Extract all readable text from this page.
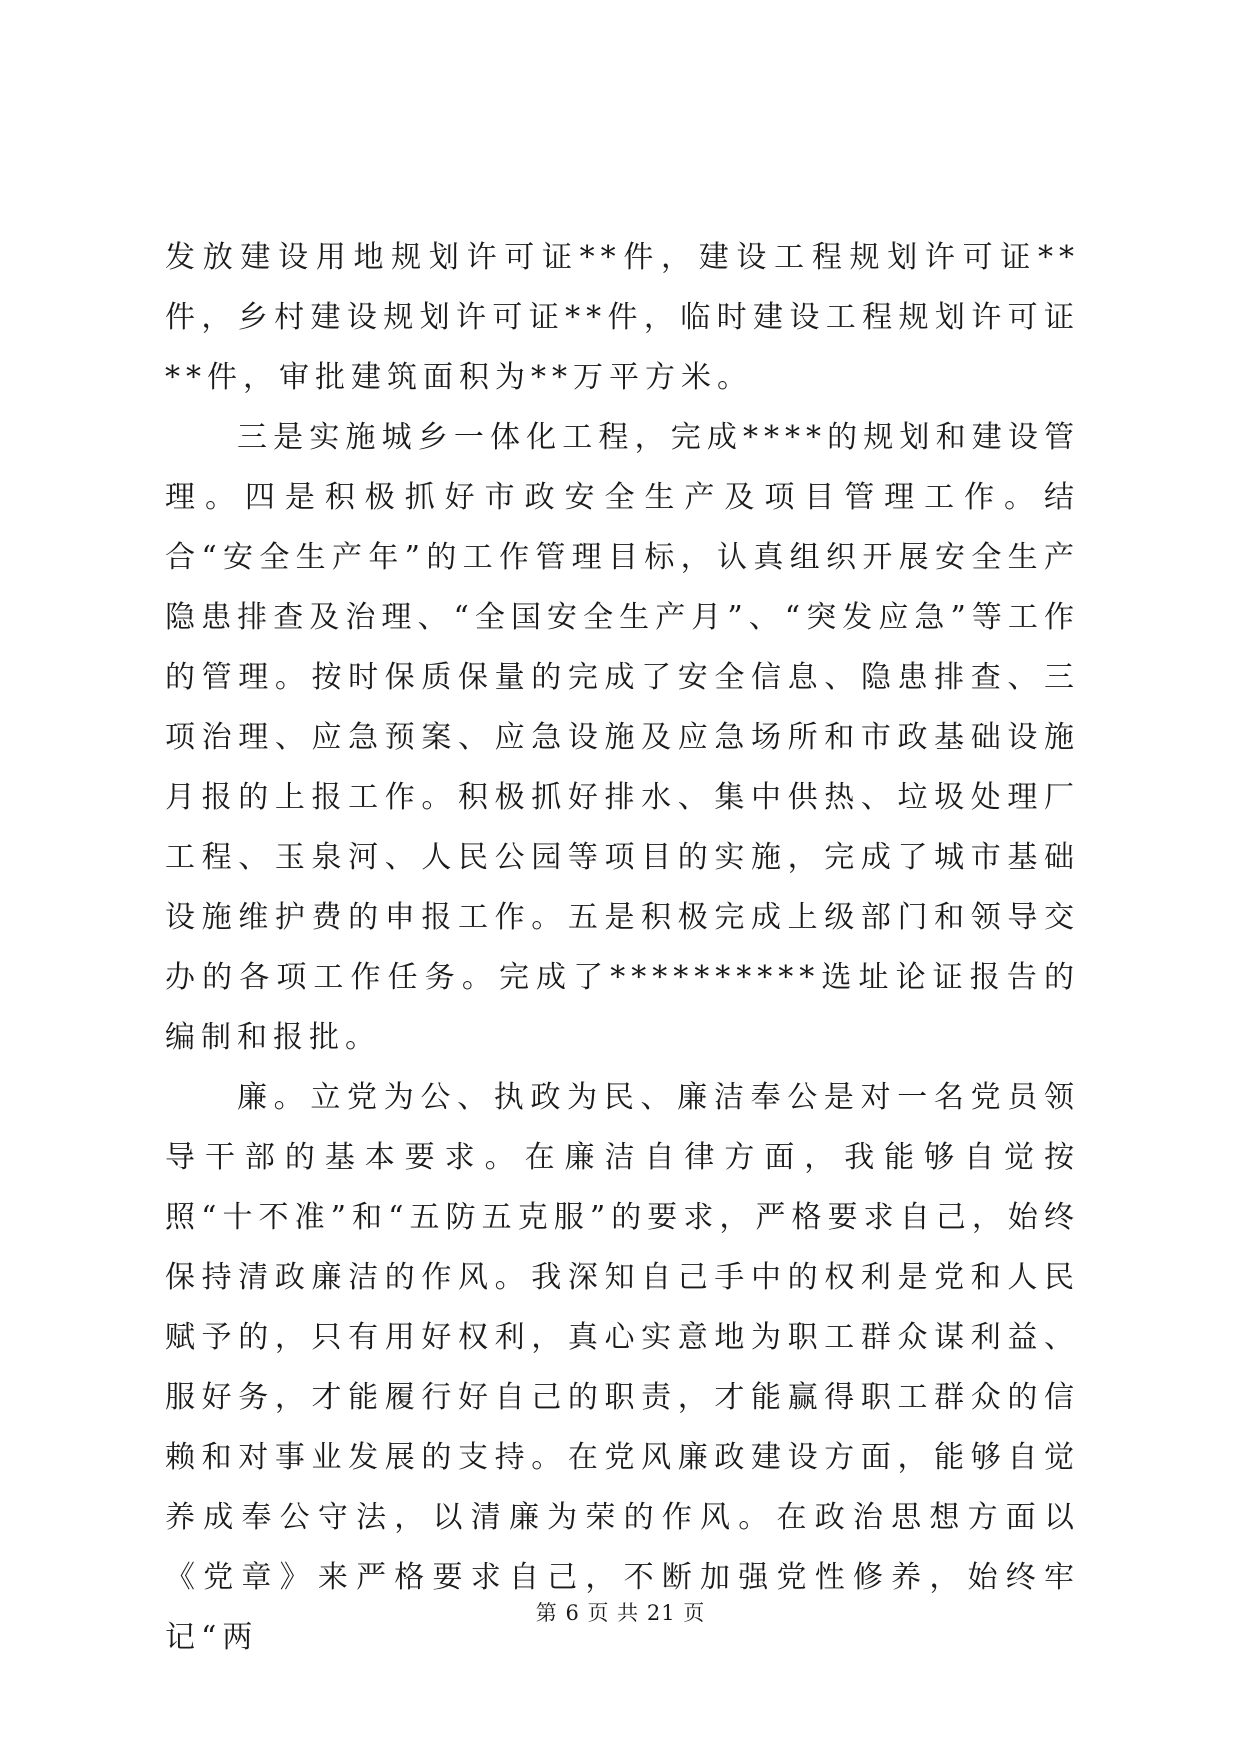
发放建设用地规划许可证**件，建设工程规划许可证**件，乡村建设规划许可证**件，临时建设工程规划许可证**件，审批建筑面积为**万平方米。

三是实施城乡一体化工程，完成****的规划和建设管理。四是积极抓好市政安全生产及项目管理工作。结合“安全生产年”的工作管理目标，认真组织开展安全生产隐患排查及治理、“全国安全生产月”、“突发应急”等工作的管理。按时保质保量的完成了安全信息、隐患排查、三项治理、应急预案、应急设施及应急场所和市政基础设施月报的上报工作。积极抓好排水、集中供热、垃圾处理厂工程、玉泉河、人民公园等项目的实施，完成了城市基础设施维护费的申报工作。五是积极完成上级部门和领导交办的各项工作任务。完成了**********选址论证报告的编制和报批。

廉。立党为公、执政为民、廉洁奉公是对一名党员领导干部的基本要求。在廉洁自律方面，我能够自觉按照“十不准”和“五防五克服”的要求，严格要求自己，始终保持清政廉洁的作风。我深知自己手中的权利是党和人民赋予的，只有用好权利，真心实意地为职工群众谋利益、服好务，才能履行好自己的职责，才能赢得职工群众的信赖和对事业发展的支持。在党风廉政建设方面，能够自觉养成奉公守法，以清廉为荣的作风。在政治思想方面以《党章》来严格要求自己，不断加强党性修养，始终牢记“两

第 6 页 共 21 页
